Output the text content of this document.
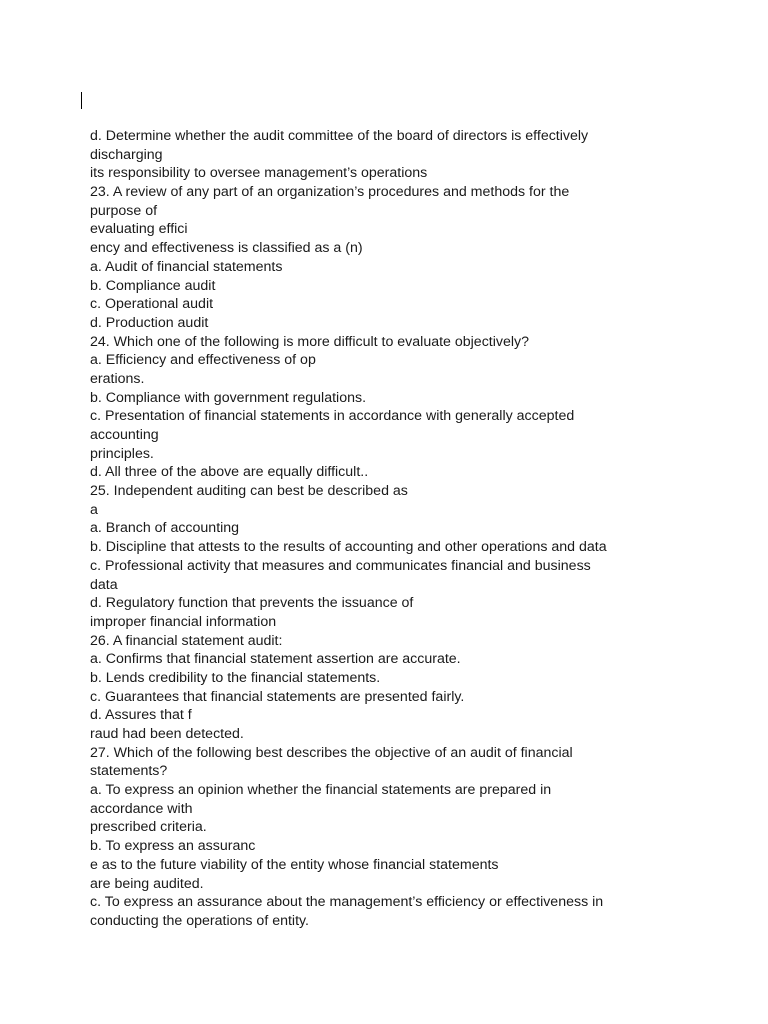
d. Determine whether the audit committee of the board of directors is effectively
discharging
its responsibility to oversee management’s operations
23. A review of any part of an organization’s procedures and methods for the
purpose of
evaluating effici
ency and effectiveness is classified as a (n)
a. Audit of financial statements
b. Compliance audit
c. Operational audit
d. Production audit
24. Which one of the following is more difficult to evaluate objectively?
a. Efficiency and effectiveness of op
erations.
b. Compliance with government regulations.
c. Presentation of financial statements in accordance with generally accepted
accounting
principles.
d. All three of the above are equally difficult..
25. Independent auditing can best be described as
a
a. Branch of accounting
b. Discipline that attests to the results of accounting and other operations and data
c. Professional activity that measures and communicates financial and business
data
d. Regulatory function that prevents the issuance of
improper financial information
26. A financial statement audit:
a. Confirms that financial statement assertion are accurate.
b. Lends credibility to the financial statements.
c. Guarantees that financial statements are presented fairly.
d. Assures that f
raud had been detected.
27. Which of the following best describes the objective of an audit of financial
statements?
a. To express an opinion whether the financial statements are prepared in
accordance with
prescribed criteria.
b. To express an assuranc
e as to the future viability of the entity whose financial statements
are being audited.
c. To express an assurance about the management’s efficiency or effectiveness in
conducting the operations of entity.
